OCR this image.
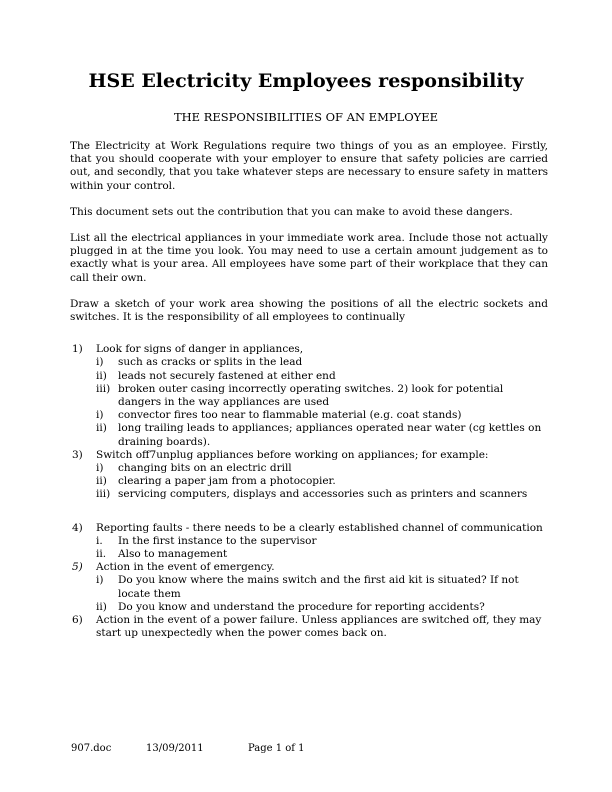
HSE Electricity Employees responsibility
THE RESPONSIBILITIES OF AN EMPLOYEE

The Electricity at Work Regulations require two things of you as an employee. Firstly, that you should cooperate with your employer to ensure that safety policies are carried out, and secondly, that you take whatever steps are necessary to ensure safety in matters within your control.

This document sets out the contribution that you can make to avoid these dangers.

List all the electrical appliances in your immediate work area. Include those not actually plugged in at the time you look. You may need to use a certain amount judgement as to exactly what is your area. All employees have some part of their workplace that they can call their own.

Draw a sketch of your work area showing the positions of all the electric sockets and switches. It is the responsibility of all employees to continually

1)	Look for signs of danger in appliances,
i)	such as cracks or splits in the lead
ii)	leads not securely fastened at either end
iii) broken outer casing incorrectly operating switches. 2) look for potential dangers in the way appliances are used
i)	convector fires too near to flammable material (e.g. coat stands)
ii)	long trailing leads to appliances; appliances operated near water (cg kettles on draining boards).
3)	Switch off7unplug appliances before working on appliances; for example:
i)	changing bits on an electric drill
ii)	clearing a paper jam from a photocopier.
iii) servicing computers, displays and accessories such as printers and scanners
4)	Reporting faults - there needs to be a clearly established channel of communication
i.	In the first instance to the supervisor
ii.	Also to management
5)	Action in the event of emergency.
i)	Do you know where the mains switch and the first aid kit is situated? If not locate them
ii)	Do you know and understand the procedure for reporting accidents?
6)	Action in the event of a power failure. Unless appliances are switched off, they may start up unexpectedly when the power comes back on.
907.doc	13/09/2011	Page 1 of 1
